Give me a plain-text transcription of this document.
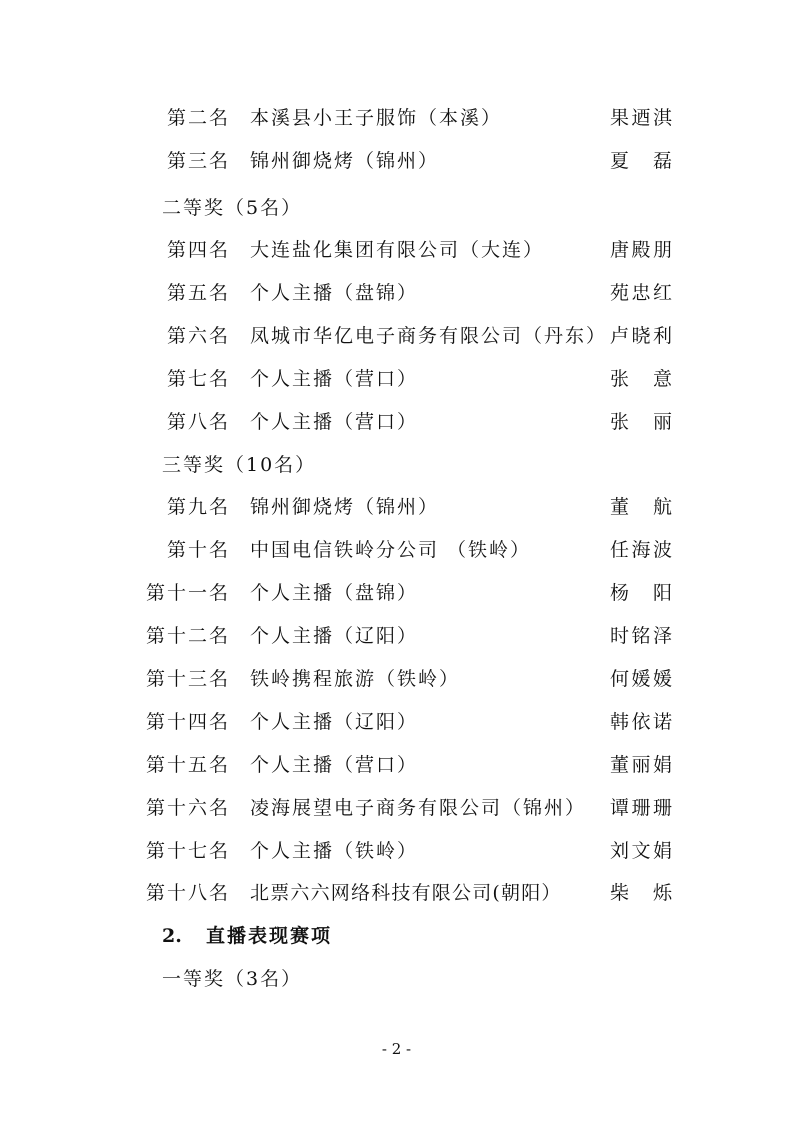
第二名 本溪县小王子服饰（本溪）	果迺淇
第三名 锦州御烧烤（锦州）	夏 磊
二等奖（5名）
第四名 大连盐化集团有限公司（大连）	唐殿朋
第五名 个人主播（盘锦）	苑忠红
第六名 凤城市华亿电子商务有限公司（丹东） 卢晓利
第七名 个人主播（营口）	张 意
第八名 个人主播（营口）	张 丽
三等奖（10名）
第九名 锦州御烧烤（锦州）	董 航
第十名 中国电信铁岭分公司 （铁岭）	任海波
第十一名 个人主播（盘锦）	杨 阳
第十二名 个人主播（辽阳）	时铭泽
第十三名 铁岭携程旅游（铁岭）	何媛媛
第十四名 个人主播（辽阳）	韩依诺
第十五名 个人主播（营口）	董丽娟
第十六名 凌海展望电子商务有限公司（锦州） 谭珊珊
第十七名 个人主播（铁岭）	刘文娟
第十八名 北票六六网络科技有限公司(朝阳）	柴 烁
2. 直播表现赛项
一等奖（3名）
- 2 -
